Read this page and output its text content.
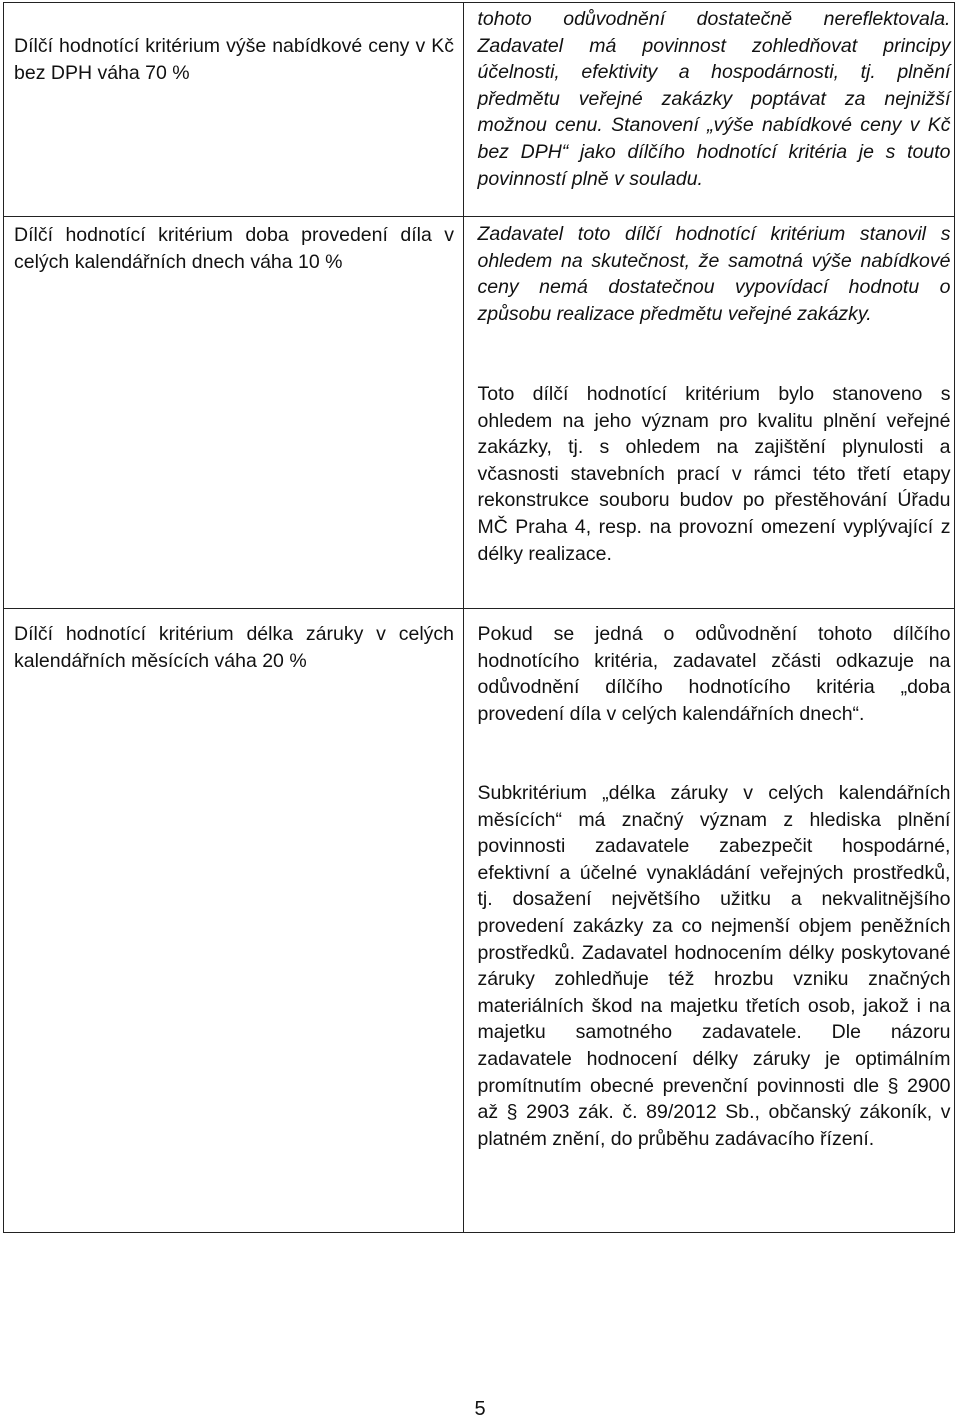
Dílčí hodnotící kritérium výše nabídkové ceny v Kč bez DPH váha 70 %	tohoto odůvodnění dostatečně nereflektovala. Zadavatel má povinnost zohledňovat principy účelnosti, efektivity a hospodárnosti, tj. plnění předmětu veřejné zakázky poptávat za nejnižší možnou cenu. Stanovení „výše nabídkové ceny v Kč bez DPH“ jako dílčího hodnotící kritéria je s touto povinností plně v souladu.

Dílčí hodnotící kritérium doba provedení díla v celých kalendářních dnech váha 10 %	Zadavatel toto dílčí hodnotící kritérium stanovil s ohledem na skutečnost, že samotná výše nabídkové ceny nemá dostatečnou vypovídací hodnotu o způsobu realizace předmětu veřejné zakázky.

Toto dílčí hodnotící kritérium bylo stanoveno s ohledem na jeho význam pro kvalitu plnění veřejné zakázky, tj. s ohledem na zajištění plynulosti a včasnosti stavebních prací v rámci této třetí etapy rekonstrukce souboru budov po přestěhování Úřadu MČ Praha 4, resp. na provozní omezení vyplývající z délky realizace.

Dílčí hodnotící kritérium délka záruky v celých kalendářních měsících váha 20 %	Pokud se jedná o odůvodnění tohoto dílčího hodnotícího kritéria, zadavatel zčásti odkazuje na odůvodnění dílčího hodnotícího kritéria „doba provedení díla v celých kalendářních dnech“.

Subkritérium „délka záruky v celých kalendářních měsících“ má značný význam z hlediska plnění povinnosti zadavatele zabezpečit hospodárné, efektivní a účelné vynakládání veřejných prostředků, tj. dosažení největšího užitku a nekvalitnějšího provedení zakázky za co nejmenší objem peněžních prostředků. Zadavatel hodnocením délky poskytované záruky zohledňuje též hrozbu vzniku značných materiálních škod na majetku třetích osob, jakož i na majetku samotného zadavatele. Dle názoru zadavatele hodnocení délky záruky je optimálním promítnutím obecné prevenční povinnosti dle § 2900 až § 2903 zák. č. 89/2012 Sb., občanský zákoník, v platném znění, do průběhu zadávacího řízení.

5
